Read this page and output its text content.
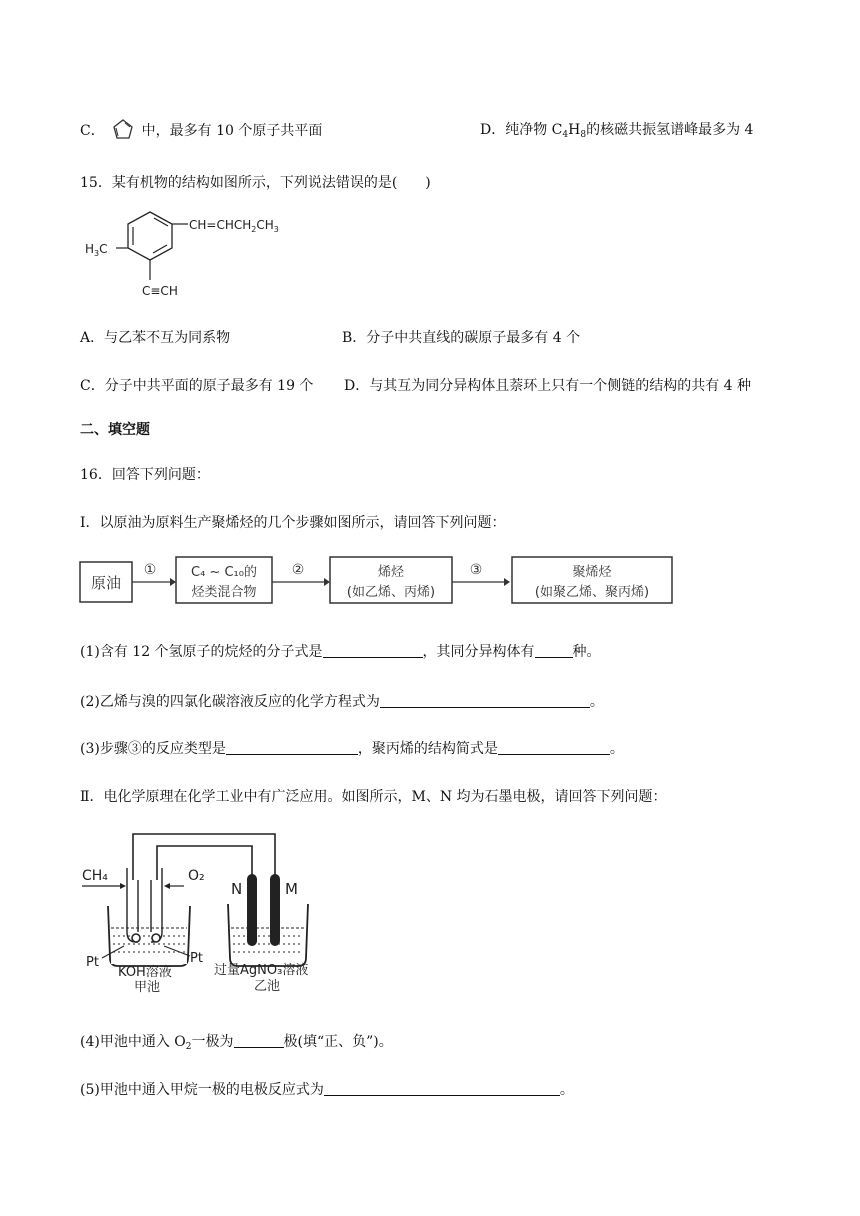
C．	中，最多有 10 个原子共平面	D．纯净物 $C_4H_8$的核磁共振氢谱峰最多为 4
15．某有机物的结构如图所示，下列说法错误的是(　　)
$CH=CHCH_2CH_3$
$H_3C$
C≡CH
A．与乙苯不互为同系物	B．分子中共直线的碳原子最多有 4 个
C．分子中共平面的原子最多有 19 个 D．与其互为同分异构体且萘环上只有一个侧链的结构的共有 4 种
二、填空题
16．回答下列问题：
Ⅰ．以原油为原料生产聚烯烃的几个步骤如图所示，请回答下列问题：
原油
①	C₄ ~ C₁₀的
烃类混合物
②	烯烃
(如乙烯、丙烯)
③	聚烯烃
(如聚乙烯、聚丙烯)
(1)含有 12 个氢原子的烷烃的分子式是	，其同分异构体有	种。
(2)乙烯与溴的四氯化碳溶液反应的化学方程式为	。
(3)步骤③的反应类型是	，聚丙烯的结构简式是	。
Ⅱ．电化学原理在化学工业中有广泛应用。如图所示，M、N 均为石墨电极，请回答下列问题：
CH₄	O₂
Pt	Pt
KOH溶液
甲池
N	M
过量AgNO₃溶液
乙池
(4)甲池中通入 $O_2$一极为	极(填“正、负”)。
(5)甲池中通入甲烷一极的电极反应式为	。
